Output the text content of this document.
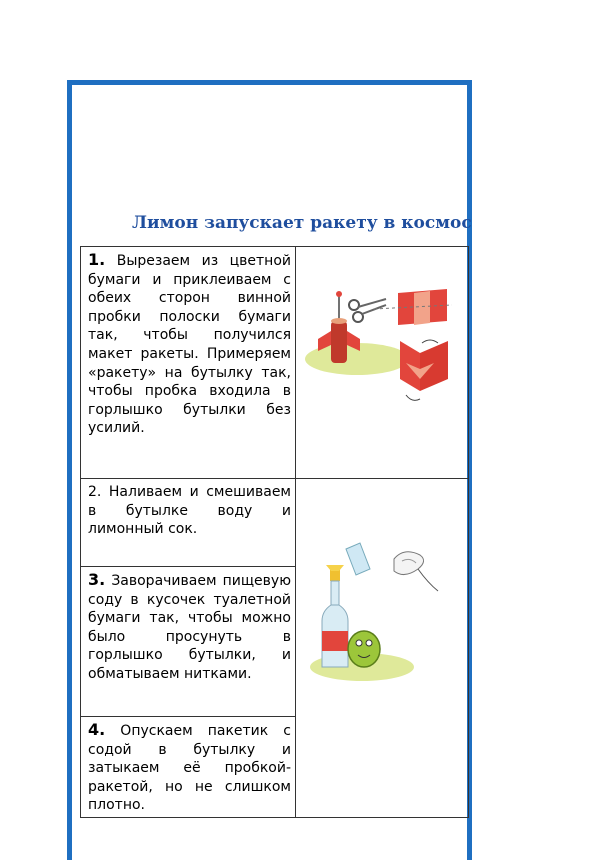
Лимон запускает ракету в космос
1. Вырезаем из цветной бумаги и приклеиваем с обеих сторон винной пробки полоски бумаги так, чтобы получился макет ракеты. Примеряем «ракету» на бутылку так, чтобы пробка входила в горлышко бутылки без усилий.

2. Наливаем и смешиваем в бутылке воду и лимонный сок.

3. Заворачиваем пищевую соду в кусочек туалетной бумаги так, чтобы можно было просунуть в горлышко бутылки, и обматываем нитками.	

4. Опускаем пакетик с содой в бутылку и затыкаем её пробкой-ракетой, но не слишком плотно.	
